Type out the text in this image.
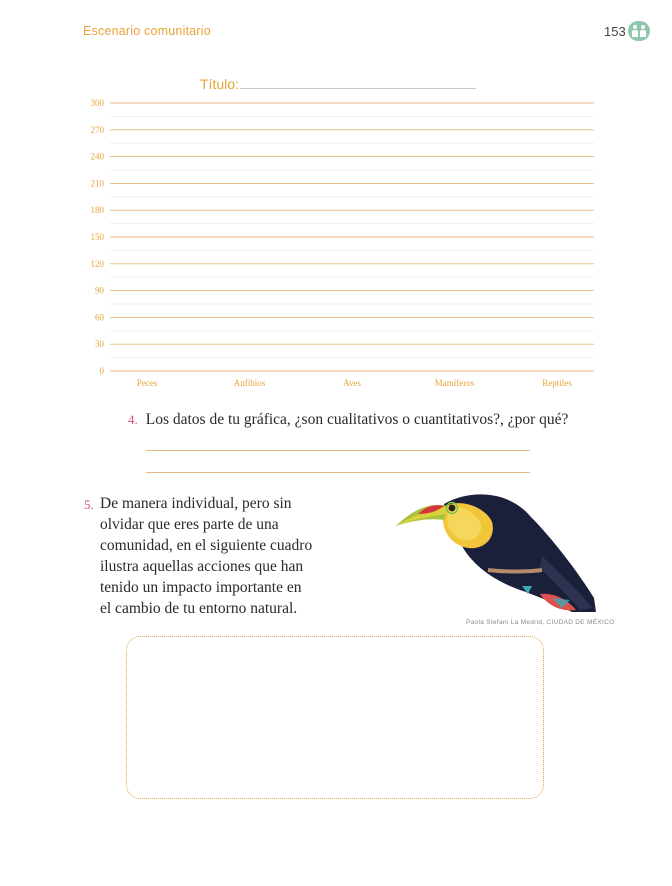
Escenario comunitario	153
Título:
0
30
60
90
120
150
180
210
240
270
300
Peces	Anfibios	Aves	Mamíferos	Reptiles
4. Los datos de tu gráfica, ¿son cualitativos o cuantitativos?, ¿por qué?
5. De manera individual, pero sin
olvidar que eres parte de una
comunidad, en el siguiente cuadro
ilustra aquellas acciones que han
tenido un impacto importante en
el cambio de tu entorno natural.
Paola Stefani La Medrid, CIUDAD DE MÉXICO
